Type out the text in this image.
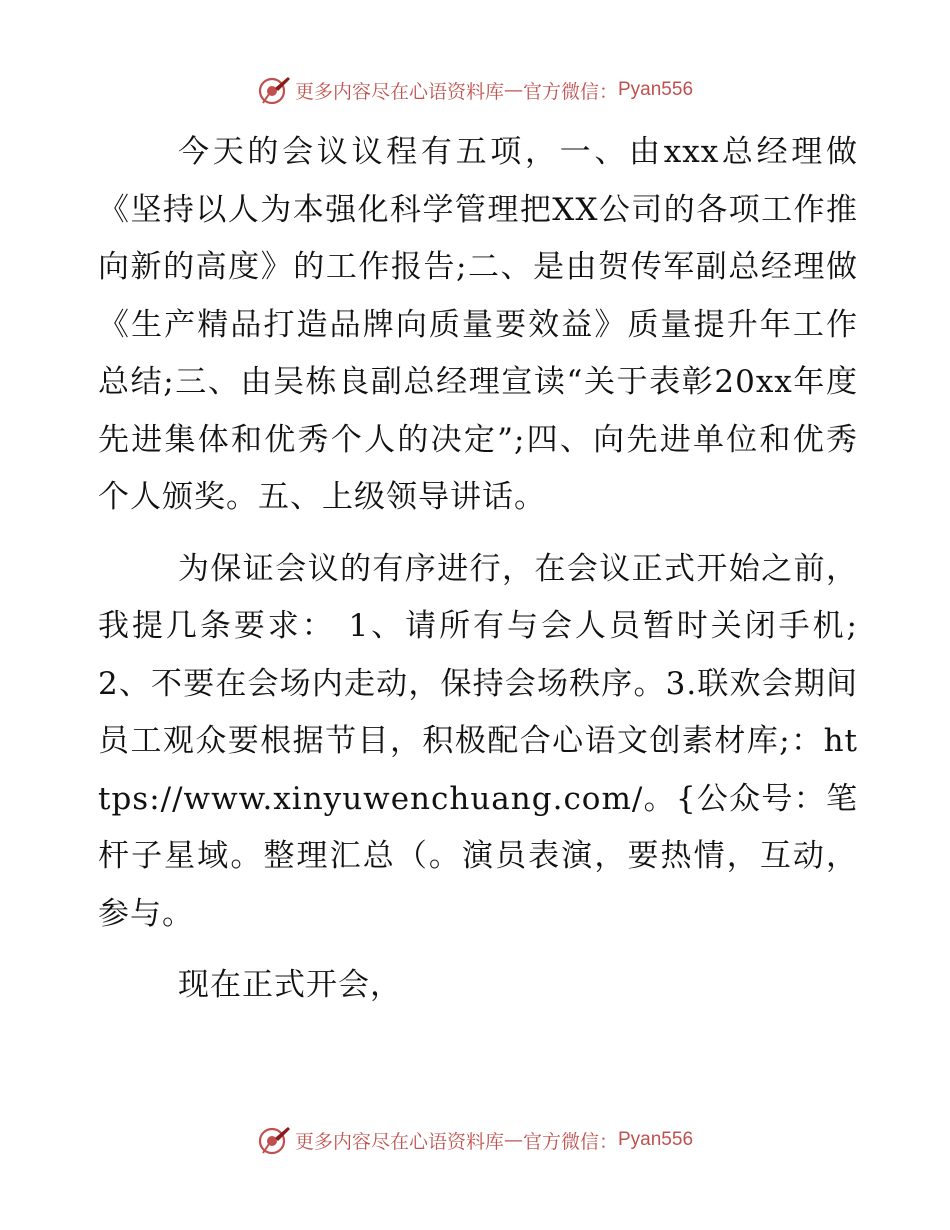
更多内容尽在心语资料库 — 官方微信： Pyan556

今天的会议议程有五项，一、由xxx总经理做《坚持以人为本强化科学管理把XX公司的各项工作推向新的高度》的工作报告;二、是由贺传军副总经理做《生产精品打造品牌向质量要效益》质量提升年工作总结;三、由吴栋良副总经理宣读“关于表彰20xx年度先进集体和优秀个人的决定”;四、向先进单位和优秀个人颁奖。五、上级领导讲话。

为保证会议的有序进行，在会议正式开始之前，我提几条要求： 1、请所有与会人员暂时关闭手机; 2、不要在会场内走动，保持会场秩序。3.联欢会期间员工观众要根据节目，积极配合心语文创素材库;：https://www.xinyuwenchuang.com/。{公众号：笔杆子星域。整理汇总（。演员表演，要热情，互动，参与。

现在正式开会，

更多内容尽在心语资料库 — 官方微信： Pyan556
